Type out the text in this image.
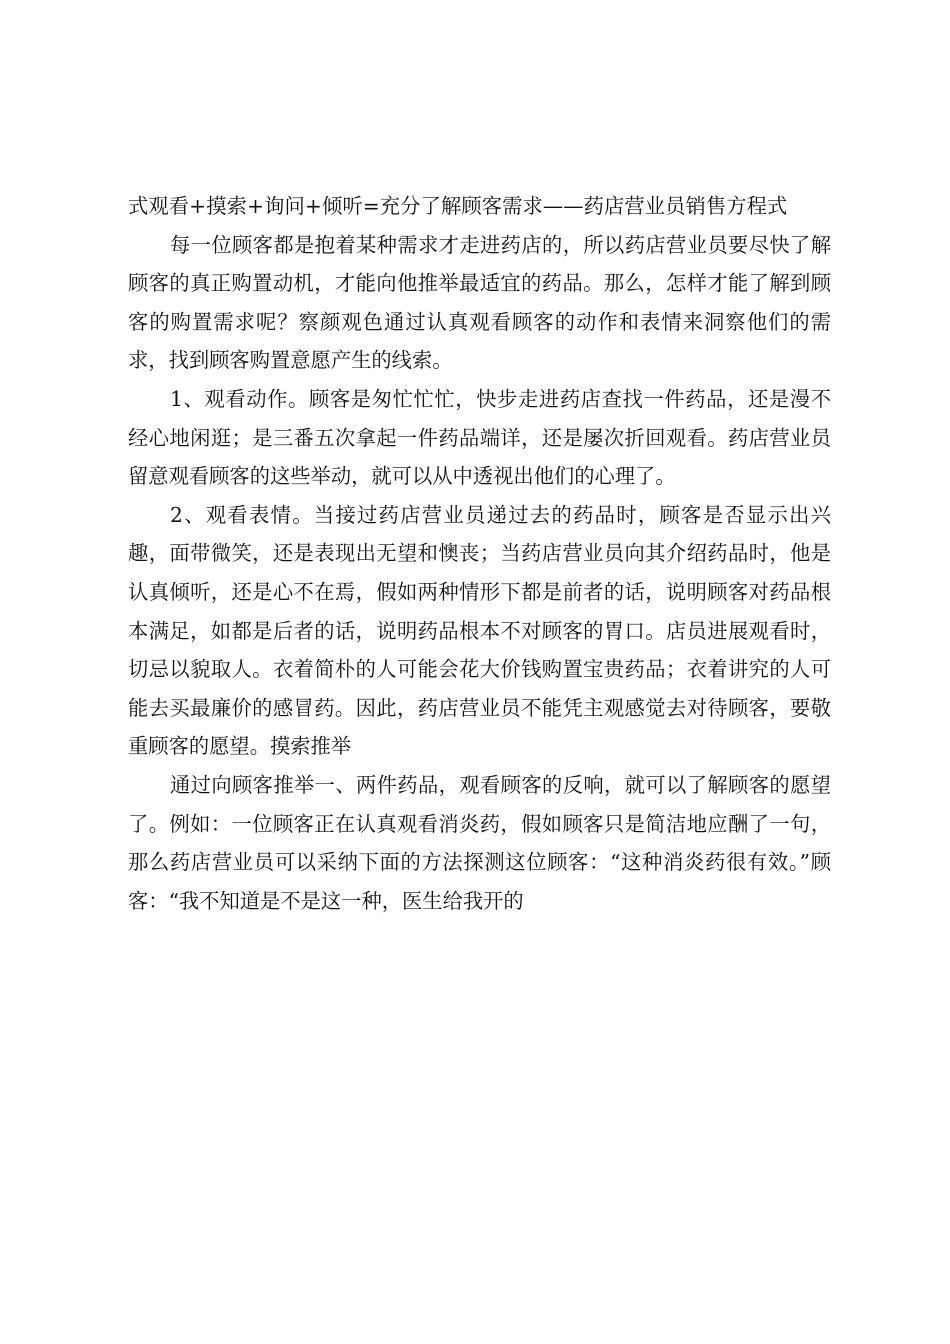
式观看+摸索+询问+倾听=充分了解顾客需求——药店营业员销售方程式

每一位顾客都是抱着某种需求才走进药店的，所以药店营业员要尽快了解顾客的真正购置动机，才能向他推举最适宜的药品。那么，怎样才能了解到顾客的购置需求呢？察颜观色通过认真观看顾客的动作和表情来洞察他们的需求，找到顾客购置意愿产生的线索。

1、观看动作。顾客是匆忙忙忙，快步走进药店查找一件药品，还是漫不经心地闲逛；是三番五次拿起一件药品端详，还是屡次折回观看。药店营业员留意观看顾客的这些举动，就可以从中透视出他们的心理了。

2、观看表情。当接过药店营业员递过去的药品时，顾客是否显示出兴趣，面带微笑，还是表现出无望和懊丧；当药店营业员向其介绍药品时，他是认真倾听，还是心不在焉，假如两种情形下都是前者的话，说明顾客对药品根本满足，如都是后者的话，说明药品根本不对顾客的胃口。店员进展观看时，切忌以貌取人。衣着简朴的人可能会花大价钱购置宝贵药品；衣着讲究的人可能去买最廉价的感冒药。因此，药店营业员不能凭主观感觉去对待顾客，要敬重顾客的愿望。摸索推举

通过向顾客推举一、两件药品，观看顾客的反响，就可以了解顾客的愿望了。例如：一位顾客正在认真观看消炎药，假如顾客只是简洁地应酬了一句，那么药店营业员可以采纳下面的方法探测这位顾客：“这种消炎药很有效。”顾客：“我不知道是不是这一种，医生给我开的
